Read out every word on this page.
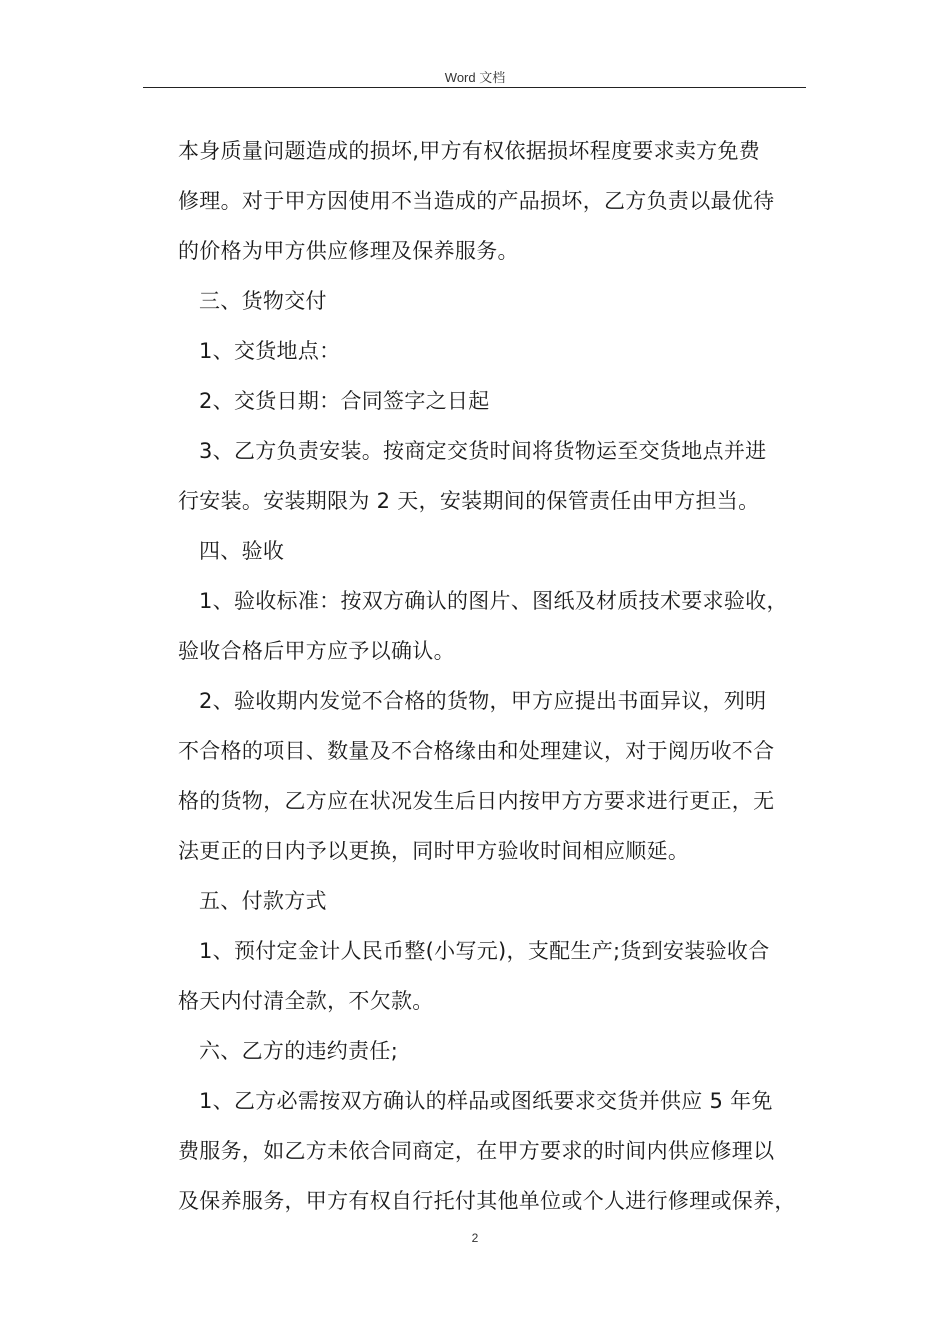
Word 文档
本身质量问题造成的损坏,甲方有权依据损坏程度要求卖方免费
修理。对于甲方因使用不当造成的产品损坏，乙方负责以最优待
的价格为甲方供应修理及保养服务。
三、货物交付
1、交货地点：
2、交货日期：合同签字之日起
3、乙方负责安装。按商定交货时间将货物运至交货地点并进
行安装。安装期限为 2 天，安装期间的保管责任由甲方担当。
四、验收
1、验收标准：按双方确认的图片、图纸及材质技术要求验收，
验收合格后甲方应予以确认。
2、验收期内发觉不合格的货物，甲方应提出书面异议，列明
不合格的项目、数量及不合格缘由和处理建议，对于阅历收不合
格的货物，乙方应在状况发生后日内按甲方方要求进行更正，无
法更正的日内予以更换，同时甲方验收时间相应顺延。
五、付款方式
1、预付定金计人民币整(小写元)，支配生产;货到安装验收合
格天内付清全款，不欠款。
六、乙方的违约责任;
1、乙方必需按双方确认的样品或图纸要求交货并供应 5 年免
费服务，如乙方未依合同商定，在甲方要求的时间内供应修理以
及保养服务，甲方有权自行托付其他单位或个人进行修理或保养，
2
